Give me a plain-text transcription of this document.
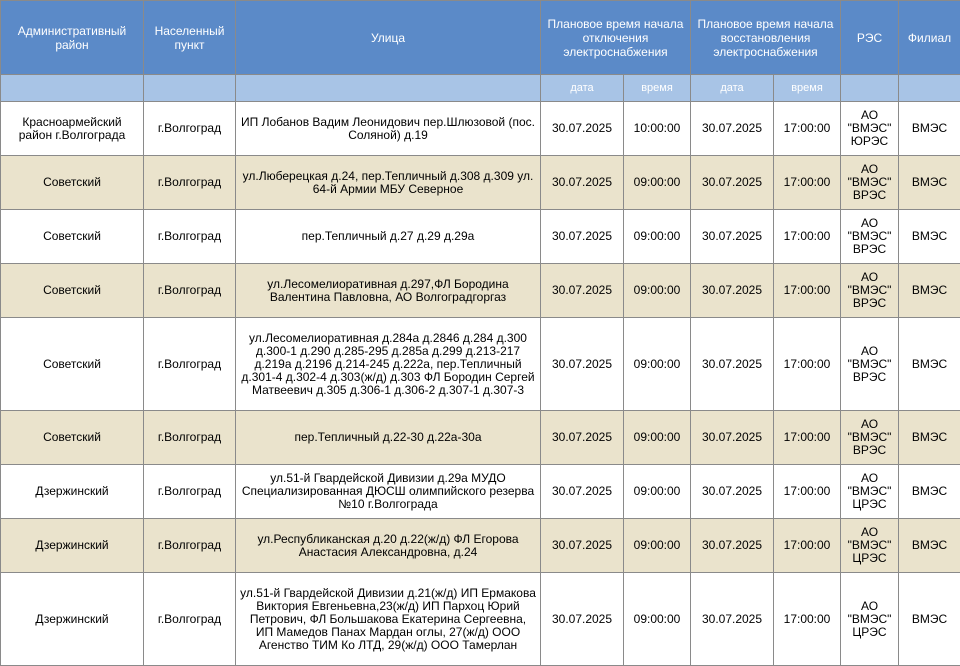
Административный район	Населенный пункт	Улица	Плановое время начала отключения электроснабжения		Плановое время начала восстановления электроснабжения		РЭС	Филиал
			дата	время	дата	время		
Красноармейский район г.Волгограда	г.Волгоград	ИП Лобанов Вадим Леонидович пер.Шлюзовой (пос. Соляной) д.19	30.07.2025	10:00:00	30.07.2025	17:00:00	АО "ВМЭС" ЮРЭС	ВМЭС
Советский	г.Волгоград	ул.Люберецкая д.24, пер.Тепличный д.308 д.309 ул. 64-й Армии МБУ Северное	30.07.2025	09:00:00	30.07.2025	17:00:00	АО "ВМЭС" ВРЭС	ВМЭС
Советский	г.Волгоград	пер.Тепличный д.27 д.29 д.29а	30.07.2025	09:00:00	30.07.2025	17:00:00	АО "ВМЭС" ВРЭС	ВМЭС
Советский	г.Волгоград	ул.Лесомелиоративная д.297,ФЛ Бородина Валентина Павловна, АО Волгоградгоргаз	30.07.2025	09:00:00	30.07.2025	17:00:00	АО "ВМЭС" ВРЭС	ВМЭС
Советский	г.Волгоград	ул.Лесомелиоративная д.284а д.2846 д.284 д.300 д.300-1 д.290 д.285-295 д.285а д.299 д.213-217 д.219а д.2196 д.214-245 д.222а, пер.Тепличный д.301-4 д.302-4 д.303(ж/д) д.303 ФЛ Бородин Сергей Матвеевич д.305 д.306-1 д.306-2 д.307-1 д.307-3	30.07.2025	09:00:00	30.07.2025	17:00:00	АО "ВМЭС" ВРЭС	ВМЭС
Советский	г.Волгоград	пер.Тепличный д.22-30 д.22а-30а	30.07.2025	09:00:00	30.07.2025	17:00:00	АО "ВМЭС" ВРЭС	ВМЭС
Дзержинский	г.Волгоград	ул.51-й Гвардейской Дивизии д.29а МУДО Специализированная ДЮСШ олимпийского резерва №10 г.Волгограда	30.07.2025	09:00:00	30.07.2025	17:00:00	АО "ВМЭС" ЦРЭС	ВМЭС
Дзержинский	г.Волгоград	ул.Республиканская д.20 д.22(ж/д) ФЛ Егорова Анастасия Александровна, д.24	30.07.2025	09:00:00	30.07.2025	17:00:00	АО "ВМЭС" ЦРЭС	ВМЭС
Дзержинский	г.Волгоград	ул.51-й Гвардейской Дивизии д.21(ж/д) ИП Ермакова Виктория Евгеньевна,23(ж/д) ИП Пархоц Юрий Петрович, ФЛ Большакова Екатерина Сергеевна, ИП Мамедов Панах Мардан оглы, 27(ж/д) ООО Агенство ТИМ Ко ЛТД, 29(ж/д) ООО Тамерлан	30.07.2025	09:00:00	30.07.2025	17:00:00	АО "ВМЭС" ЦРЭС	ВМЭС
